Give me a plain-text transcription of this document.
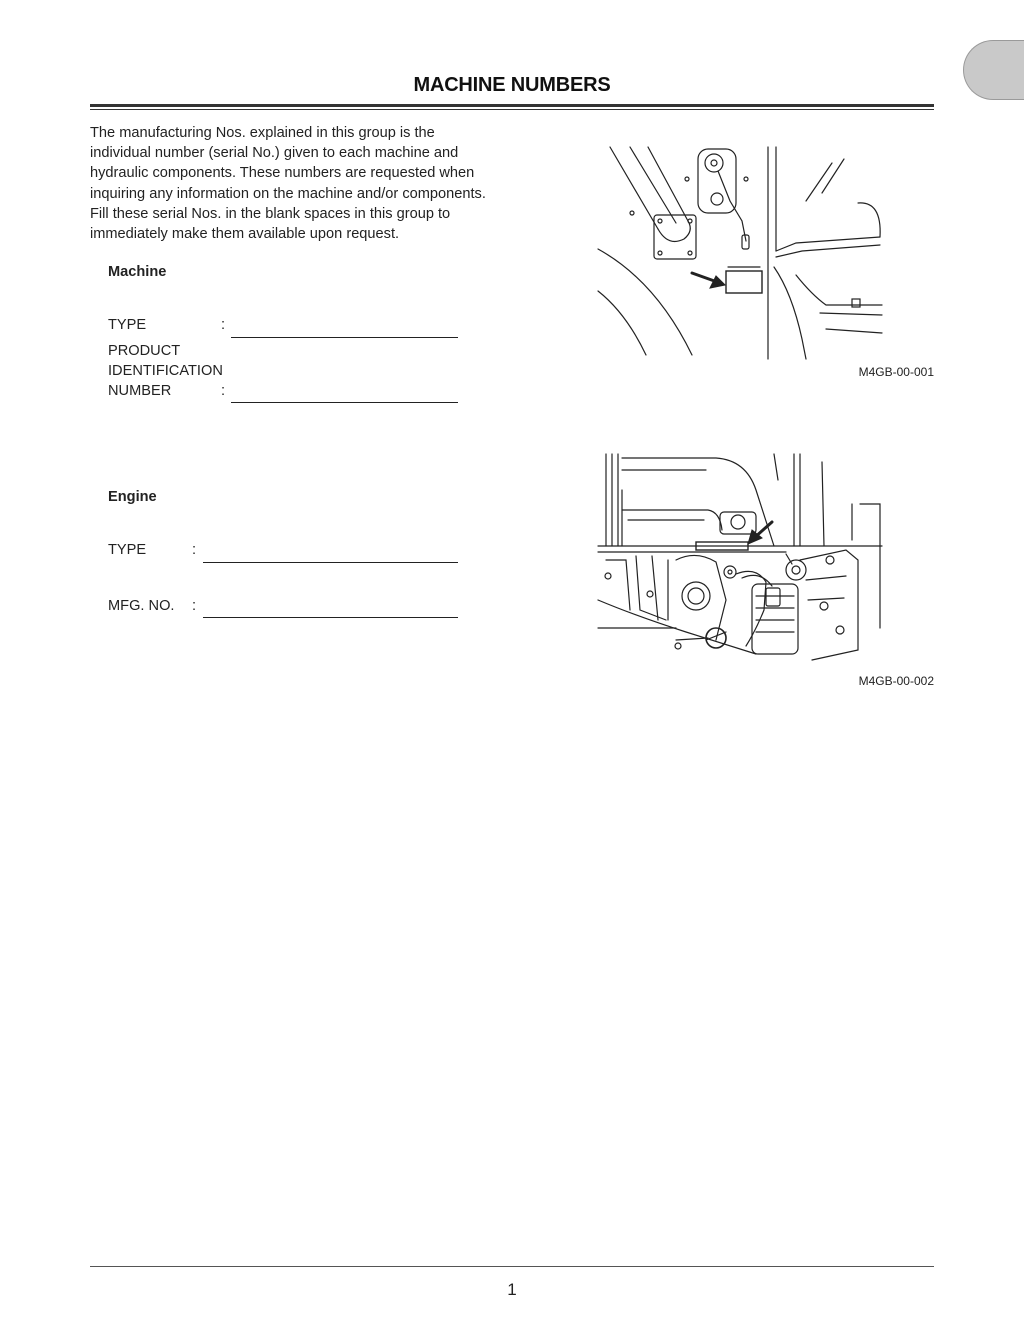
MACHINE NUMBERS
The manufacturing Nos. explained in this group is the
individual number (serial No.) given to each machine and
hydraulic components. These numbers are requested when
inquiring any information on the machine and/or components.
Fill these serial Nos. in the blank spaces in this group to
immediately make them available upon request.
Machine
TYPE	:
PRODUCT
IDENTIFICATION
NUMBER	:
Engine
TYPE	:
MFG. NO. :
M4GB-00-001
M4GB-00-002
1
